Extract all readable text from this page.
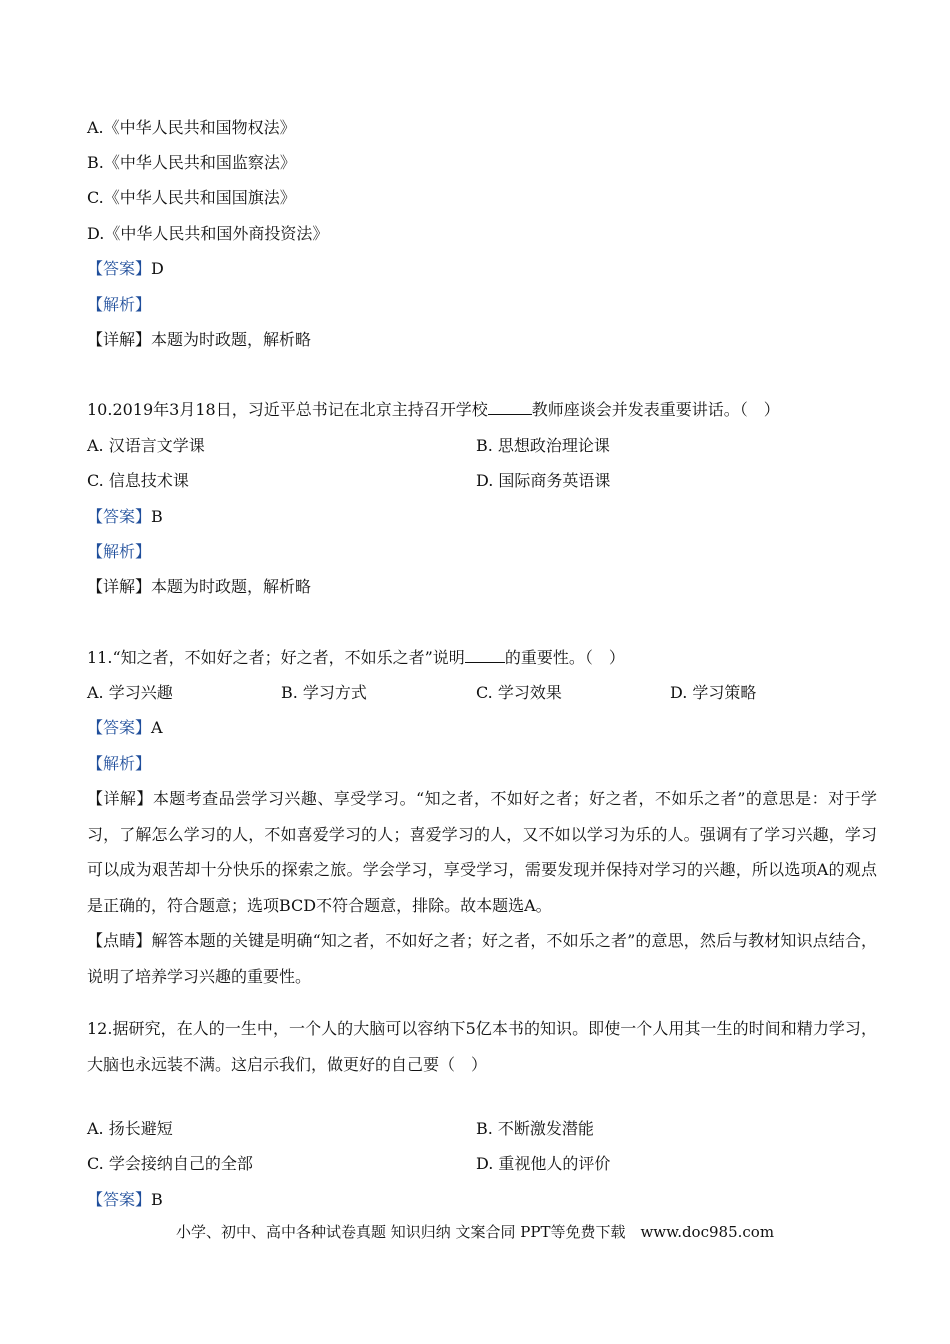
A.《中华人民共和国物权法》
B.《中华人民共和国监察法》
C.《中华人民共和国国旗法》
D.《中华人民共和国外商投资法》
【答案】D
【解析】
【详解】本题为时政题，解析略
10.2019年3月18日，习近平总书记在北京主持召开学校	教师座谈会并发表重要讲话。（　）
A. 汉语言文学课	B. 思想政治理论课
C. 信息技术课	D. 国际商务英语课
【答案】B
【解析】
【详解】本题为时政题，解析略
11.“知之者，不如好之者；好之者，不如乐之者”说明	的重要性。（　）
A. 学习兴趣	B. 学习方式	C. 学习效果	D. 学习策略
【答案】A
【解析】
【详解】本题考查品尝学习兴趣、享受学习。“知之者，不如好之者；好之者，不如乐之者”的意思是：对于学习，了解怎么学习的人，不如喜爱学习的人；喜爱学习的人，又不如以学习为乐的人。强调有了学习兴趣，学习可以成为艰苦却十分快乐的探索之旅。学会学习，享受学习，需要发现并保持对学习的兴趣，所以选项A的观点是正确的，符合题意；选项BCD不符合题意，排除。故本题选A。
【点睛】解答本题的关键是明确“知之者，不如好之者；好之者，不如乐之者”的意思，然后与教材知识点结合，说明了培养学习兴趣的重要性。
12.据研究，在人的一生中，一个人的大脑可以容纳下5亿本书的知识。即使一个人用其一生的时间和精力学习，大脑也永远装不满。这启示我们，做更好的自己要（　）
A. 扬长避短	B. 不断激发潜能
C. 学会接纳自己的全部	D. 重视他人的评价
【答案】B
小学、初中、高中各种试卷真题 知识归纳 文案合同 PPT等免费下载　www.doc985.com
